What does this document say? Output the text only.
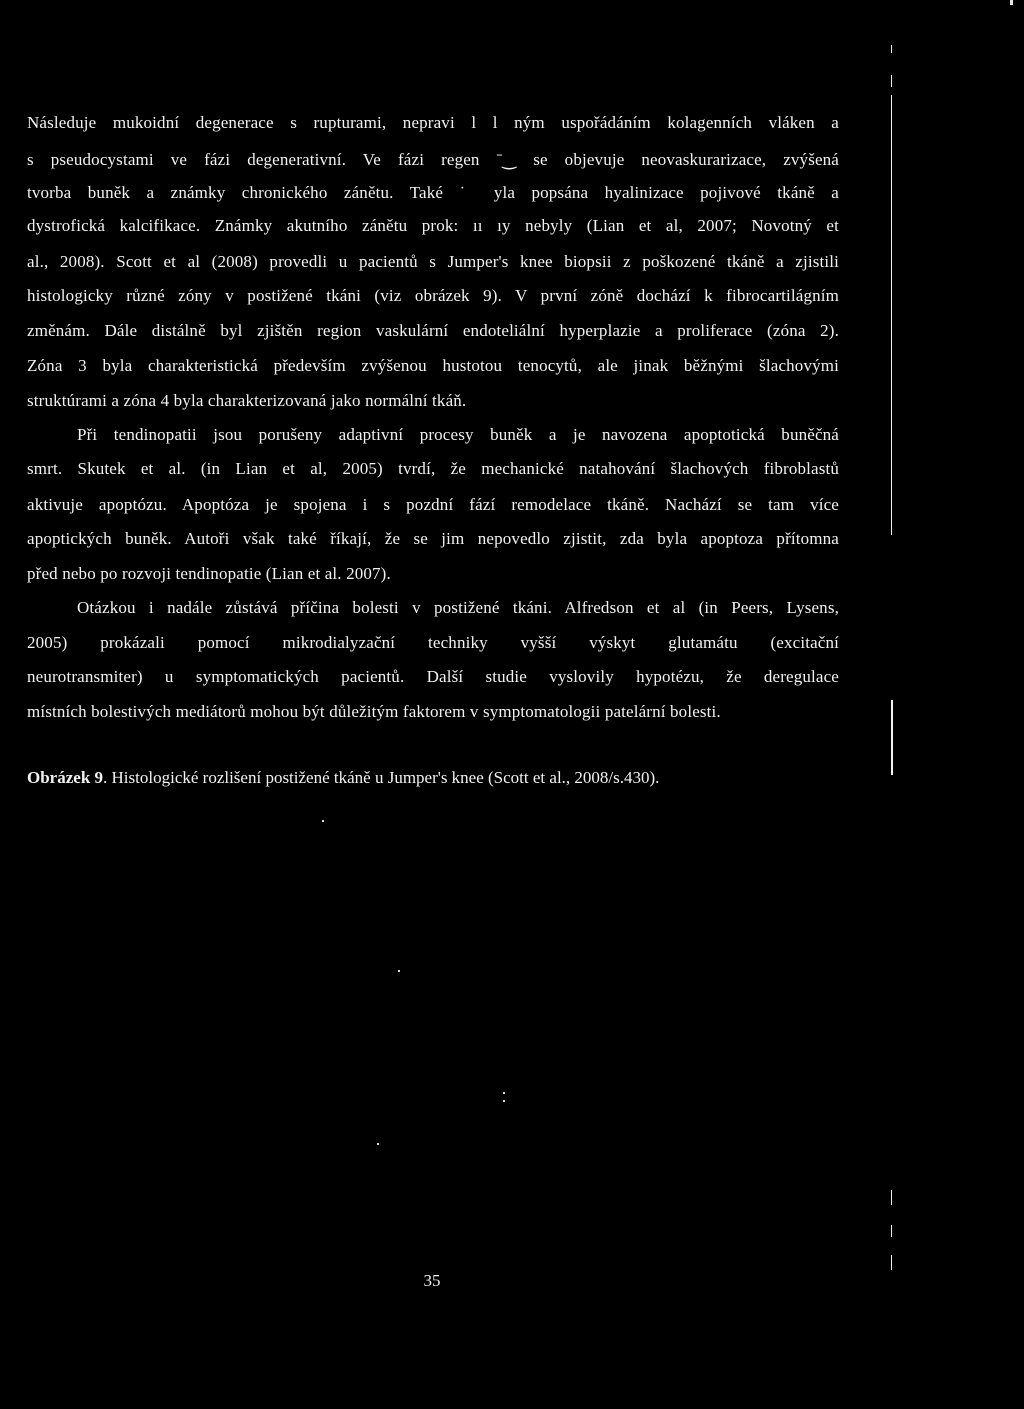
Následuje mukoidní degenerace s rupturami, nepravi l l ným uspořádáním kolagenních vláken a
s pseudocystami ve fázi degenerativní. Ve fázi regen ˉ‿ se objevuje neovaskurarizace, zvýšená
tvorba buněk a známky chronického zánětu. Také ˙ yla popsána hyalinizace pojivové tkáně a
dystrofická kalcifikace. Známky akutního zánětu prok: ıı ıy nebyly (Lian et al, 2007; Novotný et
al., 2008). Scott et al (2008) provedli u pacientů s Jumper's knee biopsii z poškozené tkáně a zjistili
histologicky různé zóny v postižené tkáni (viz obrázek 9). V první zóně dochází k fibrocartilágním
změnám. Dále distálně byl zjištěn region vaskulární endoteliální hyperplazie a proliferace (zóna 2).
Zóna 3 byla charakteristická především zvýšenou hustotou tenocytů, ale jinak běžnými šlachovými
struktúrami a zóna 4 byla charakterizovaná jako normální tkáň.
Při tendinopatii jsou porušeny adaptivní procesy buněk a je navozena apoptotická buněčná
smrt. Skutek et al. (in Lian et al, 2005) tvrdí, že mechanické natahování šlachových fibroblastů
aktivuje apoptózu. Apoptóza je spojena i s pozdní fází remodelace tkáně. Nachází se tam více
apoptických buněk. Autoři však také říkají, že se jim nepovedlo zjistit, zda byla apoptoza přítomna
před nebo po rozvoji tendinopatie (Lian et al. 2007).
Otázkou i nadále zůstává příčina bolesti v postižené tkáni. Alfredson et al (in Peers, Lysens,
2005) prokázali pomocí mikrodialyzační techniky vyšší výskyt glutamátu (excitační
neurotransmiter) u symptomatických pacientů. Další studie vyslovily hypotézu, že deregulace
místních bolestivých mediátorů mohou být důležitým faktorem v symptomatologii patelární bolesti.
Obrázek 9. Histologické rozlišení postižené tkáně u Jumper's knee (Scott et al., 2008/s.430).
35
